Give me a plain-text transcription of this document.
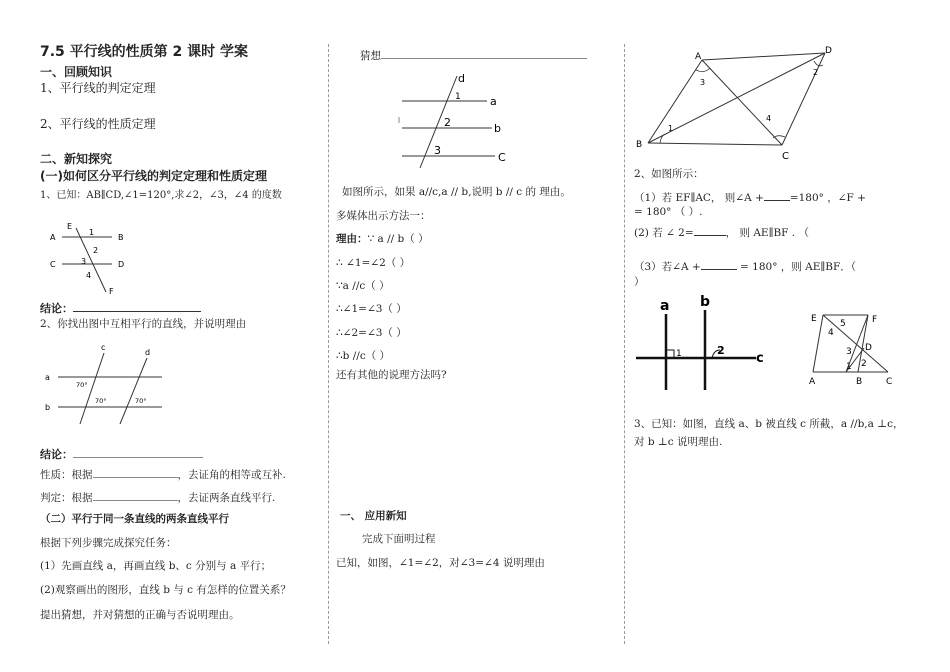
7.5 平行线的性质第 2 课时 学案
一、回顾知识
1、平行线的判定定理
2、平行线的性质定理
二、新知探究
(一)如何区分平行线的判定定理和性质定理
1、已知：AB∥CD,∠1=120°,求∠2，∠3，∠4 的度数
E
1
B
A
2
C	3	D
4
F
结论：
2、你找出图中互相平行的直线，并说明理由
c
d
a
b
70°
70°	70°
结论：
性质：根据	，去证角的相等或互补.
判定：根据	，去证两条直线平行.
（二）平行于同一条直线的两条直线平行
根据下列步骤完成探究任务：
(1）先画直线 a，再画直线 b、c 分别与 a 平行；
(2)观察画出的图形，直线 b 与 c 有怎样的位置关系？
提出猜想，并对猜想的正确与否说明理由。
猜想
d
1	a
2	b
3
C
如图所示，如果 a//c,a // b,说明 b // c 的 理由。
多媒体出示方法一：
理由：∵ a // b（ ）
∴ ∠1=∠2（ ）
∵a //c（ ）
∴∠1=∠3（ ）
∴∠2=∠3（ ）
∴b //c（ ）
还有其他的说理方法吗?
一、 应用新知
完成下面明过程
已知，如图，∠1=∠2，对∠3=∠4 说明理由
A
D
B
C
1
2
3
4
2、如图所示：
（1）若 EF∥AC， 则∠A + =180° ，∠F +
= 180° （ ）.
(2) 若 ∠ 2=	， 则 AE∥BF . （
（3）若∠A +	= 180° ，则 AE∥BF．（
）
a b
1	2
c
E	5	F
4
3 D
1 2
A	B	C
3、已知：如图，直线 a、b 被直线 c 所截，a //b,a ⊥c，
对 b ⊥c 说明理由.
